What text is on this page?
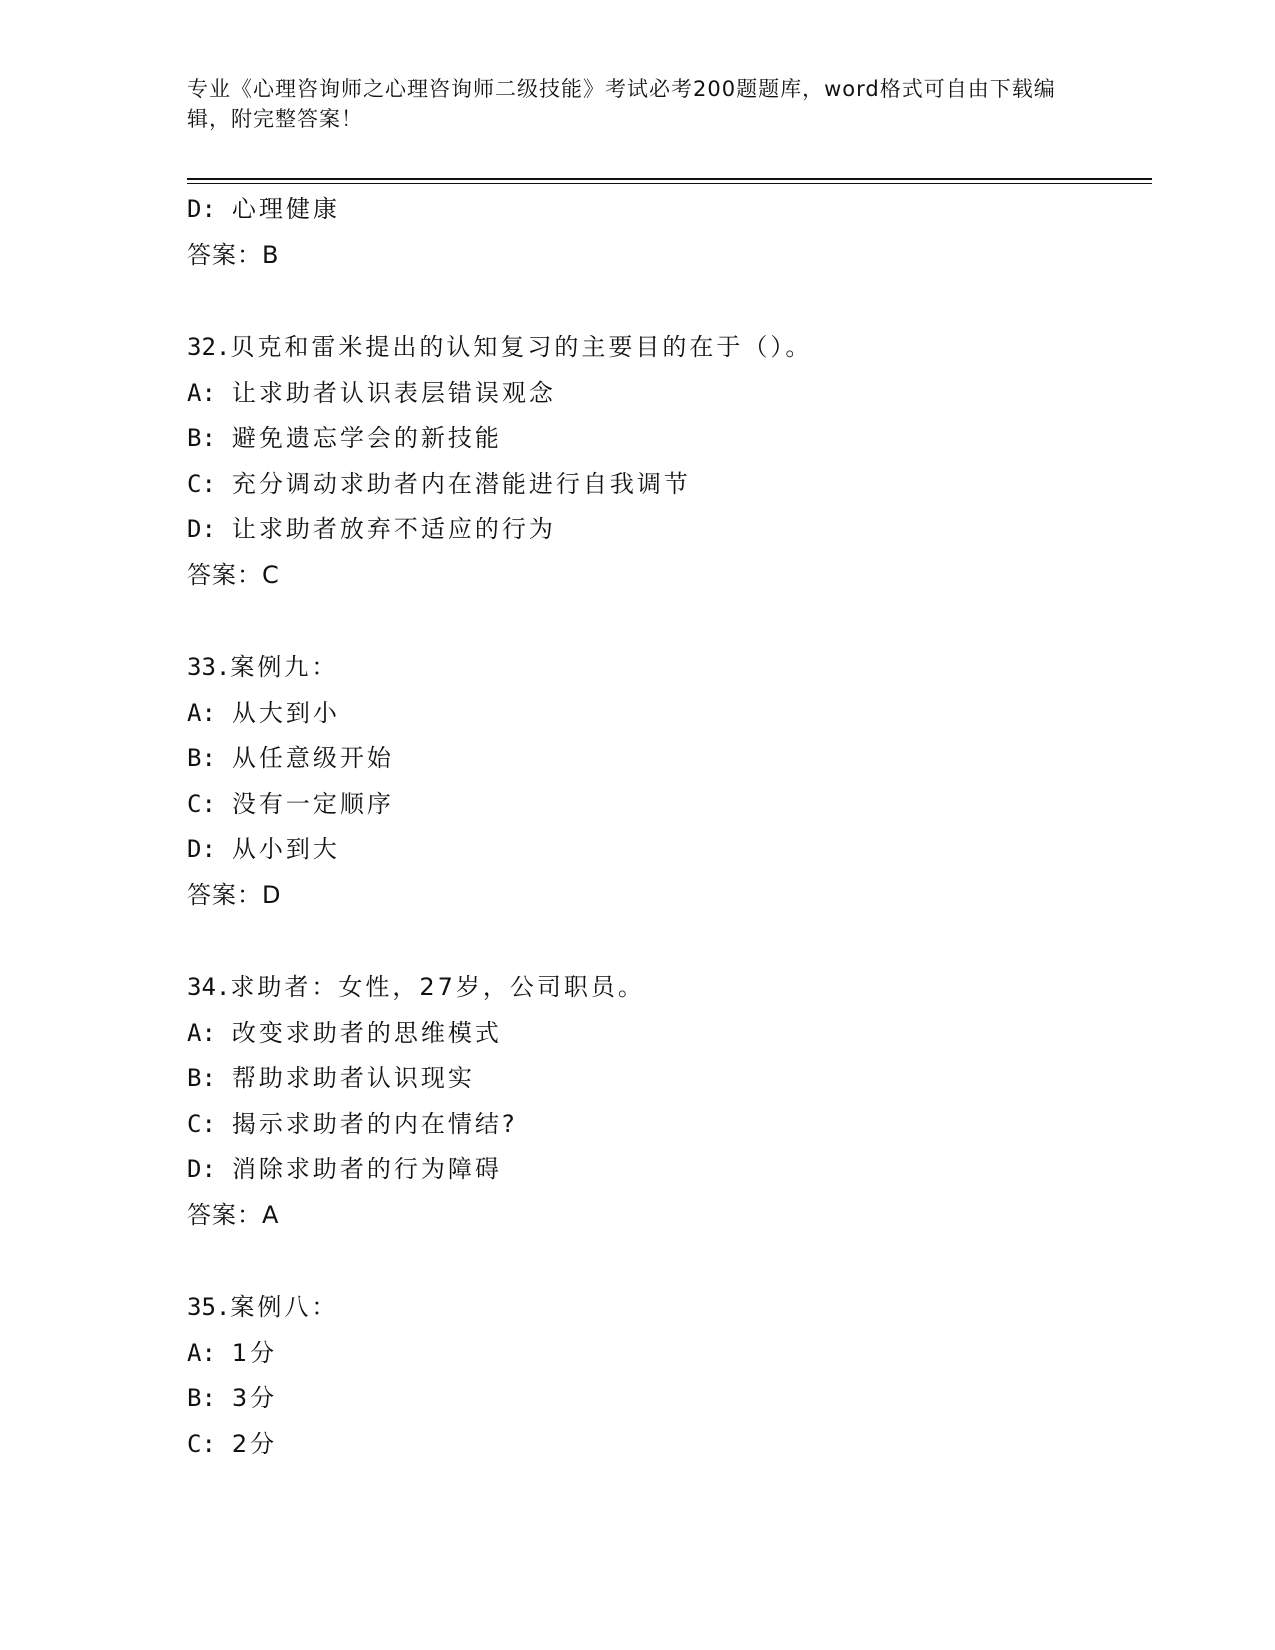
专业《心理咨询师之心理咨询师二级技能》考试必考200题题库，word格式可自由下载编辑，附完整答案！
D: 心理健康
答案：B
32.贝克和雷米提出的认知复习的主要目的在于（）。
A: 让求助者认识表层错误观念
B: 避免遗忘学会的新技能
C: 充分调动求助者内在潜能进行自我调节
D: 让求助者放弃不适应的行为
答案：C
33.案例九：
A: 从大到小
B: 从任意级开始
C: 没有一定顺序
D: 从小到大
答案：D
34.求助者：女性，27岁，公司职员。
A: 改变求助者的思维模式
B: 帮助求助者认识现实
C: 揭示求助者的内在情结?
D: 消除求助者的行为障碍
答案：A
35.案例八：
A: 1分
B: 3分
C: 2分
